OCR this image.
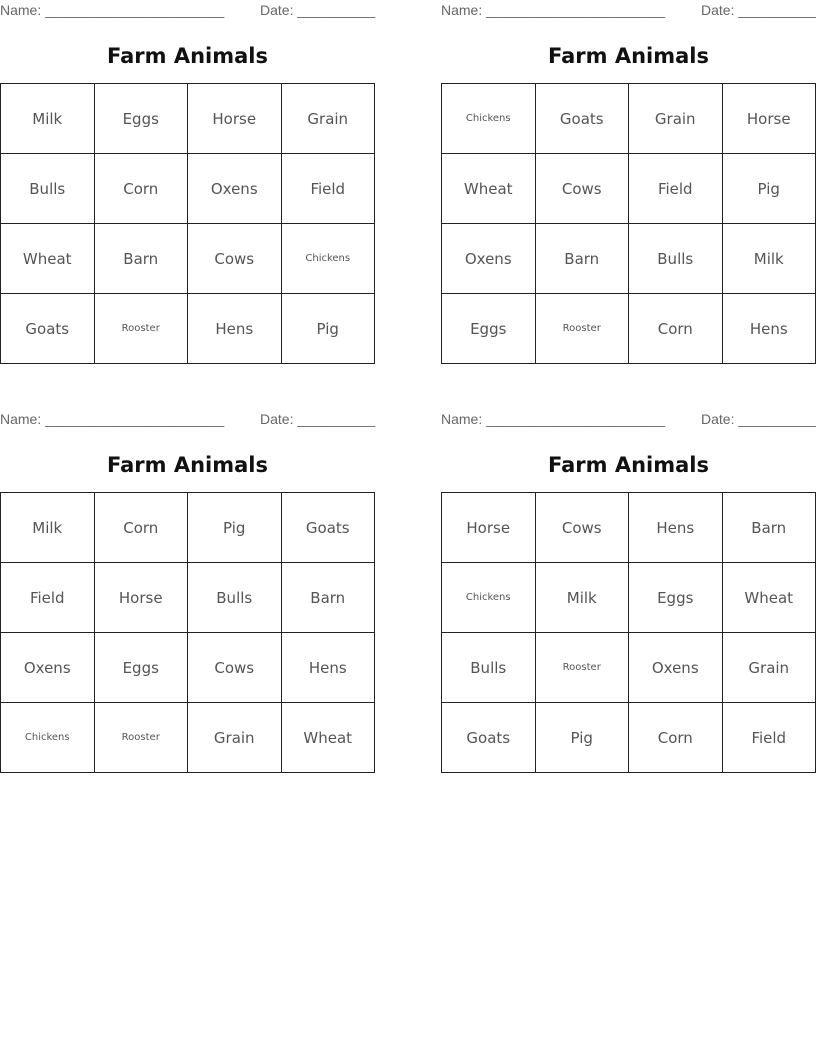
Name: _______________________	Date: __________
Farm Animals
Milk	Eggs	Horse	Grain
Bulls	Corn	Oxens	Field
Wheat	Barn	Cows	Chickens
Goats	Rooster	Hens	Pig
Name: _______________________	Date: __________
Farm Animals
Chickens	Goats	Grain	Horse
Wheat	Cows	Field	Pig
Oxens	Barn	Bulls	Milk
Eggs	Rooster	Corn	Hens
Name: _______________________	Date: __________
Farm Animals
Milk	Corn	Pig	Goats
Field	Horse	Bulls	Barn
Oxens	Eggs	Cows	Hens
Chickens	Rooster	Grain	Wheat
Name: _______________________	Date: __________
Farm Animals
Horse	Cows	Hens	Barn
Chickens	Milk	Eggs	Wheat
Bulls	Rooster	Oxens	Grain
Goats	Pig	Corn	Field
